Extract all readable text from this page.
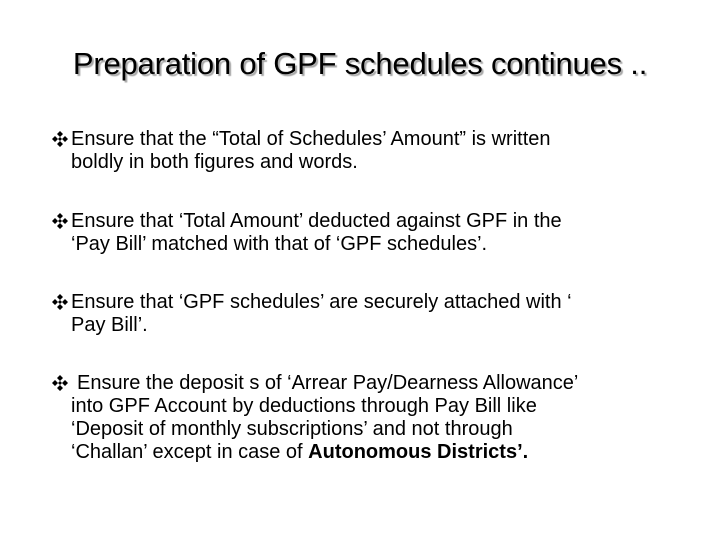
Preparation of GPF schedules continues ..
Ensure that the “Total of Schedules’ Amount” is written
boldly in both figures and words.
Ensure that ‘Total Amount’ deducted against GPF in the
‘Pay Bill’ matched with that of ‘GPF schedules’.
Ensure that ‘GPF schedules’ are securely attached with ‘
Pay Bill’.
Ensure the deposit s of ‘Arrear Pay/Dearness Allowance’
into GPF Account by deductions through Pay Bill like
‘Deposit of monthly subscriptions’ and not through
‘Challan’ except in case of Autonomous Districts’.
